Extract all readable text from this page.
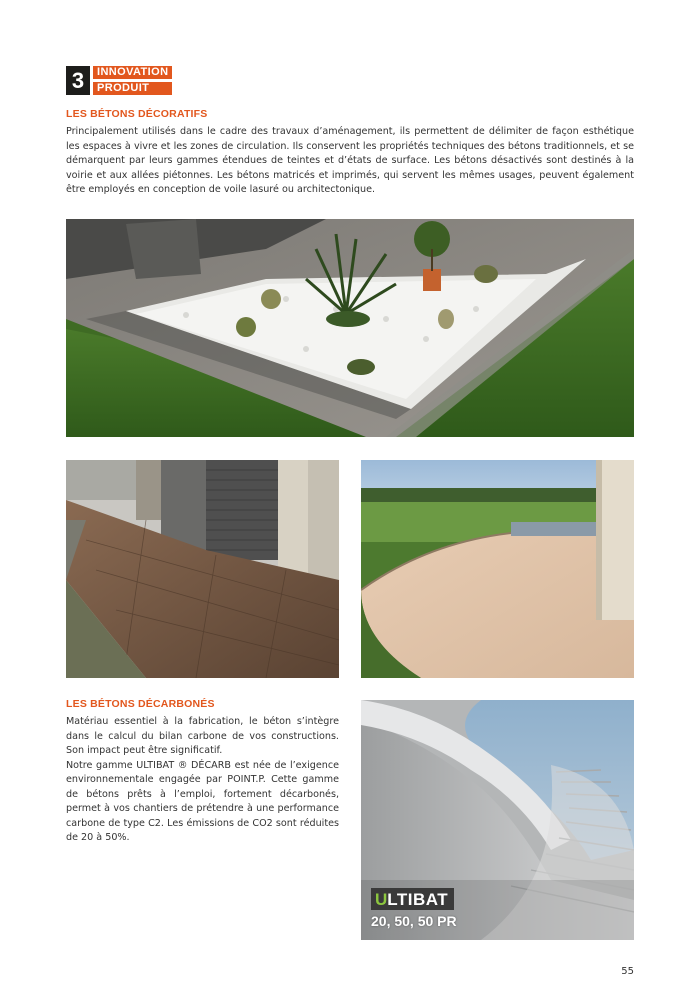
3	INNOVATION
PRODUIT
LES BÉTONS DÉCORATIFS

Principalement utilisés dans le cadre des travaux d’aménagement, ils permettent de délimiter de façon esthétique les espaces à vivre et les zones de circulation. Ils conservent les propriétés techniques des bétons traditionnels, et se démarquent par leurs gammes étendues de teintes et d’états de surface. Les bétons désactivés sont destinés à la voirie et aux allées piétonnes. Les bétons matricés et imprimés, qui servent les mêmes usages, peuvent également être employés en conception de voile lasuré ou architectonique.

LES BÉTONS DÉCARBONÉS

Matériau essentiel à la fabrication, le béton s’intègre dans le calcul du bilan carbone de vos constructions. Son impact peut être significatif.

Notre gamme ULTIBAT ® DÉCARB est née de l’exigence environnementale engagée par POINT.P. Cette gamme de bétons prêts à l’emploi, fortement décarbonés, permet à vos chantiers de prétendre à une performance carbone de type C2. Les émissions de CO2 sont réduites de 20 à 50%.

U LTIBAT
20, 50, 50 PR
55
